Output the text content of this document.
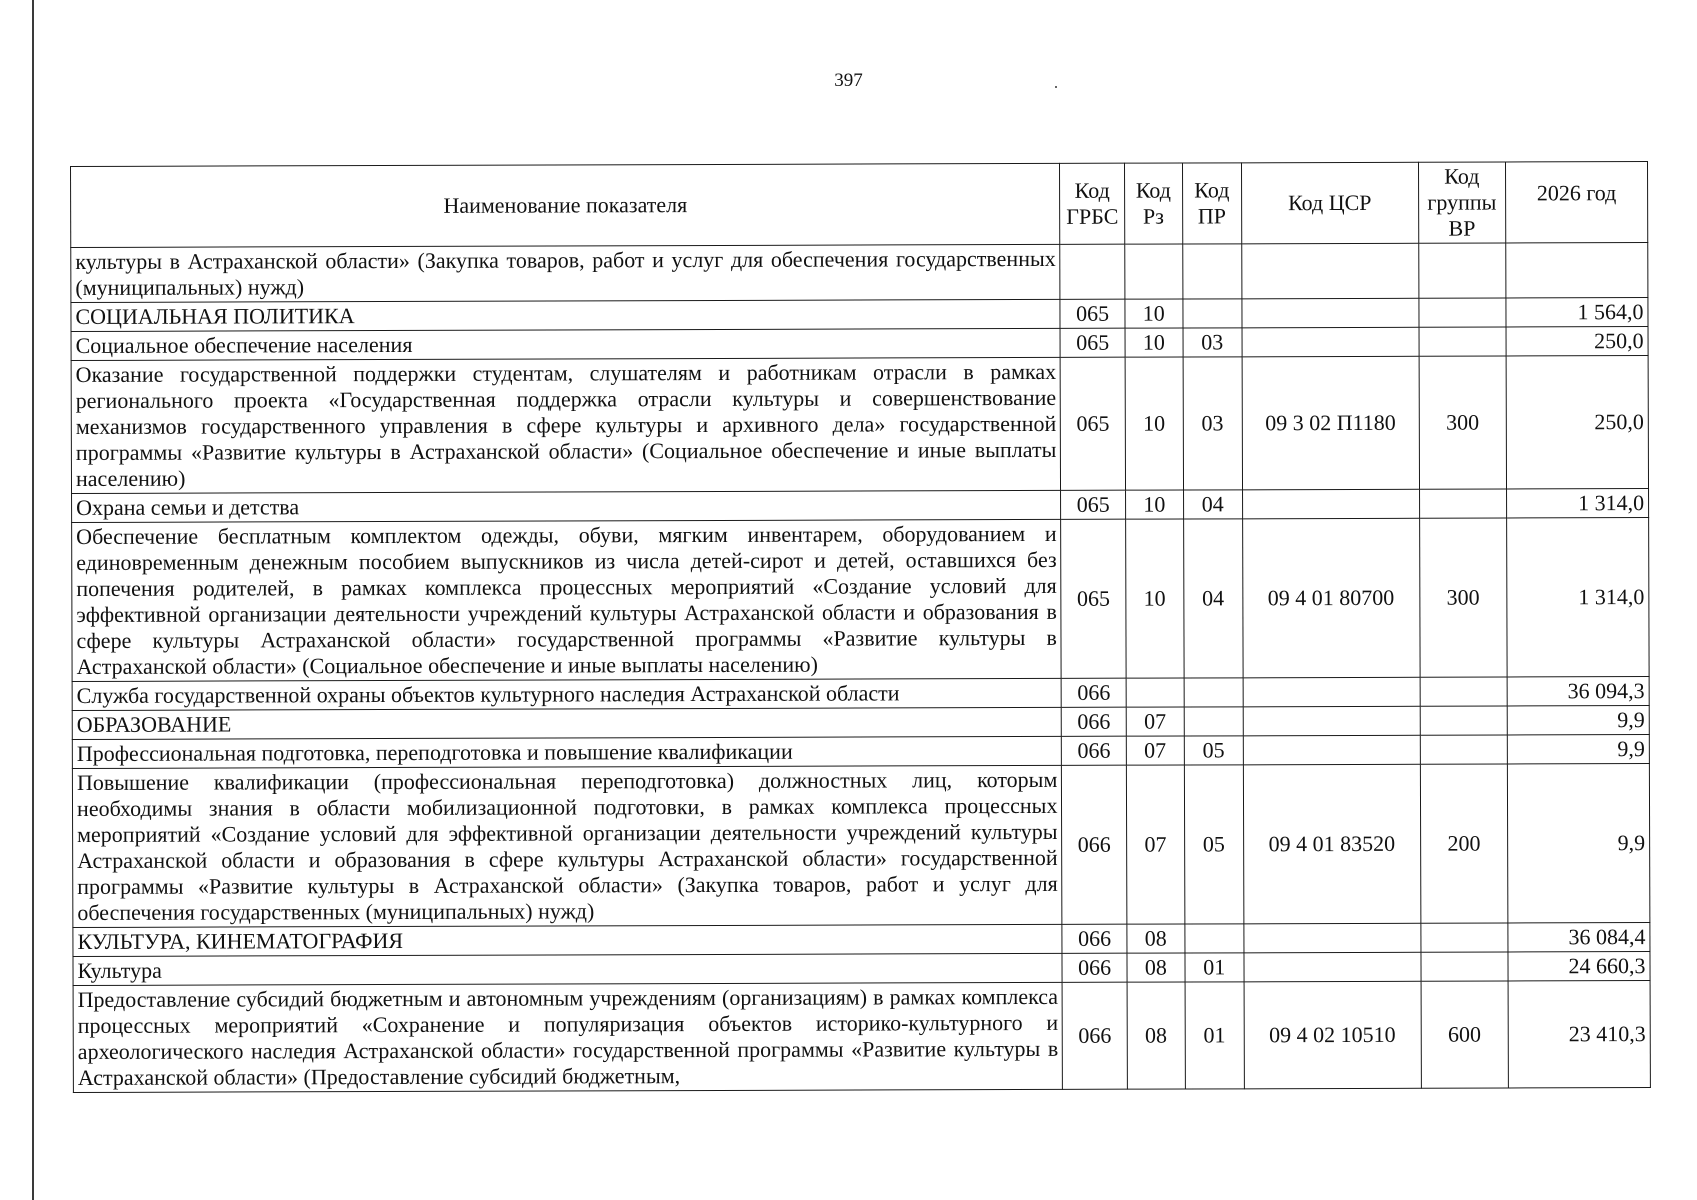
397
Наименование показателя	Код ГРБС	Код Рз	Код ПР	Код ЦСР	Код группы ВР	2026 год
культуры в Астраханской области» (Закупка товаров, работ и услуг для обеспечения государственных (муниципальных) нужд)						
СОЦИАЛЬНАЯ ПОЛИТИКА	065	10				1 564,0
Социальное обеспечение населения	065	10	03			250,0
Оказание государственной поддержки студентам, слушателям и работникам отрасли в рамках регионального проекта «Государственная поддержка отрасли культуры и совершенствование механизмов государственного управления в сфере культуры и архивного дела» государственной программы «Развитие культуры в Астраханской области» (Социальное обеспечение и иные выплаты населению)	065	10	03	09 3 02 П1180	300	250,0
Охрана семьи и детства	065	10	04			1 314,0
Обеспечение бесплатным комплектом одежды, обуви, мягким инвентарем, оборудованием и единовременным денежным пособием выпускников из числа детей-сирот и детей, оставшихся без попечения родителей, в рамках комплекса процессных мероприятий «Создание условий для эффективной организации деятельности учреждений культуры Астраханской области и образования в сфере культуры Астраханской области» государственной программы «Развитие культуры в Астраханской области» (Социальное обеспечение и иные выплаты населению)	065	10	04	09 4 01 80700	300	1 314,0
Служба государственной охраны объектов культурного наследия Астраханской области	066					36 094,3
ОБРАЗОВАНИЕ	066	07				9,9
Профессиональная подготовка, переподготовка и повышение квалификации	066	07	05			9,9
Повышение квалификации (профессиональная переподготовка) должностных лиц, которым необходимы знания в области мобилизационной подготовки, в рамках комплекса процессных мероприятий «Создание условий для эффективной организации деятельности учреждений культуры Астраханской области и образования в сфере культуры Астраханской области» государственной программы «Развитие культуры в Астраханской области» (Закупка товаров, работ и услуг для обеспечения государственных (муниципальных) нужд)	066	07	05	09 4 01 83520	200	9,9
КУЛЬТУРА, КИНЕМАТОГРАФИЯ	066	08				36 084,4
Культура	066	08	01			24 660,3
Предоставление субсидий бюджетным и автономным учреждениям (организациям) в рамках комплекса процессных мероприятий «Сохранение и популяризация объектов историко-культурного и археологического наследия Астраханской области» государственной программы «Развитие культуры в Астраханской области» (Предоставление субсидий бюджетным,	066	08	01	09 4 02 10510	600	23 410,3
